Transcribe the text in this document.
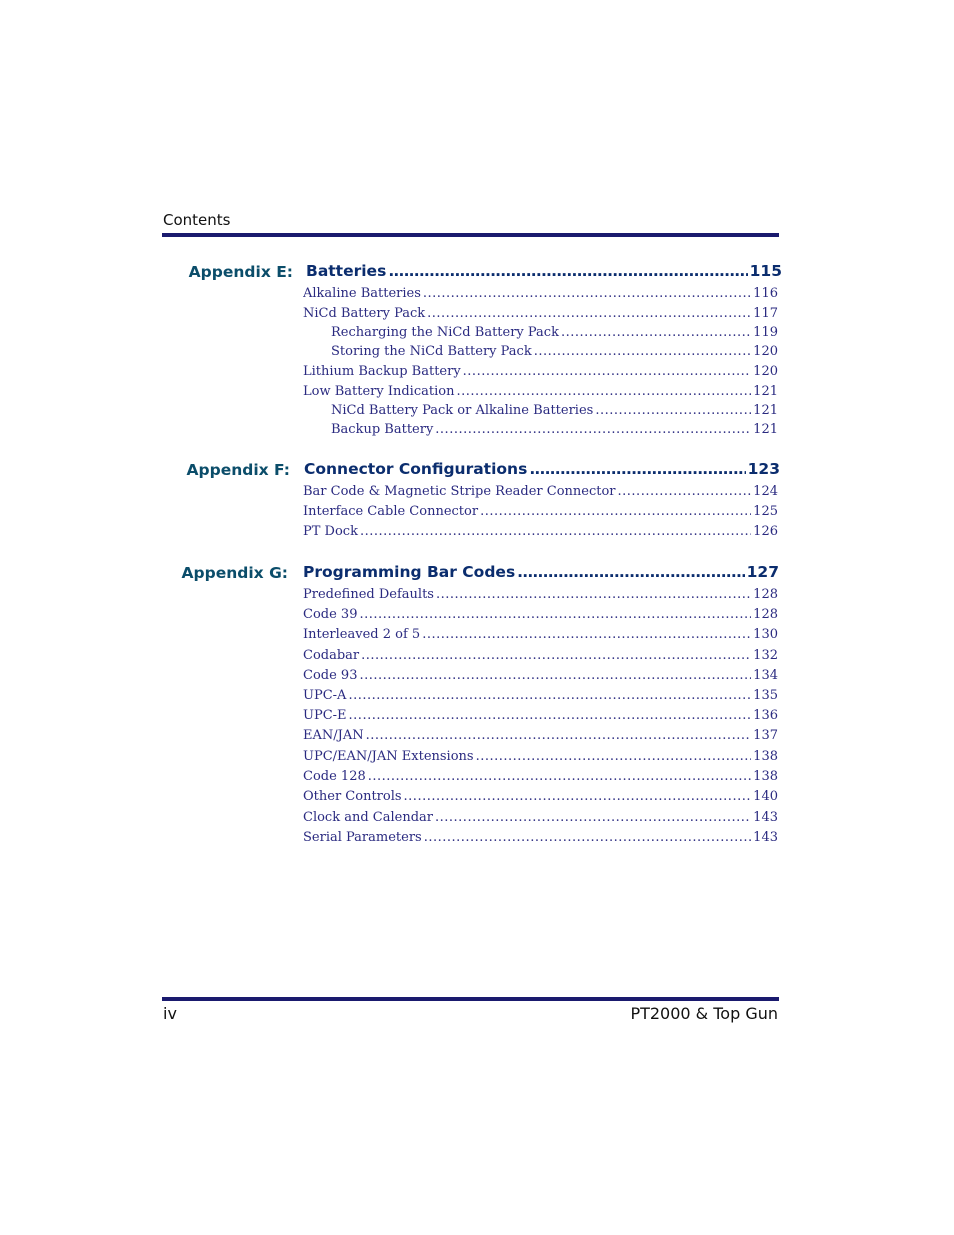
Contents
Appendix E: Batteries .....	115
Alkaline Batteries .....	116
NiCd Battery Pack .....	117
Recharging the NiCd Battery Pack .....	119
Storing the NiCd Battery Pack .....	120
Lithium Backup Battery .....	120
Low Battery Indication .....	121
NiCd Battery Pack or Alkaline Batteries .....	121
Backup Battery .....	121
Appendix F: Connector Configurations .....	123
Bar Code & Magnetic Stripe Reader Connector .....	124
Interface Cable Connector .....	125
PT Dock .....	126
Appendix G: Programming Bar Codes .....	127
Predefined Defaults .....	128
Code 39 .....	128
Interleaved 2 of 5 .....	130
Codabar .....	132
Code 93 .....	134
UPC-A .....	135
UPC-E .....	136
EAN/JAN .....	137
UPC/EAN/JAN Extensions .....	138
Code 128 .....	138
Other Controls .....	140
Clock and Calendar .....	143
Serial Parameters .....	143
iv	PT2000 & Top Gun
